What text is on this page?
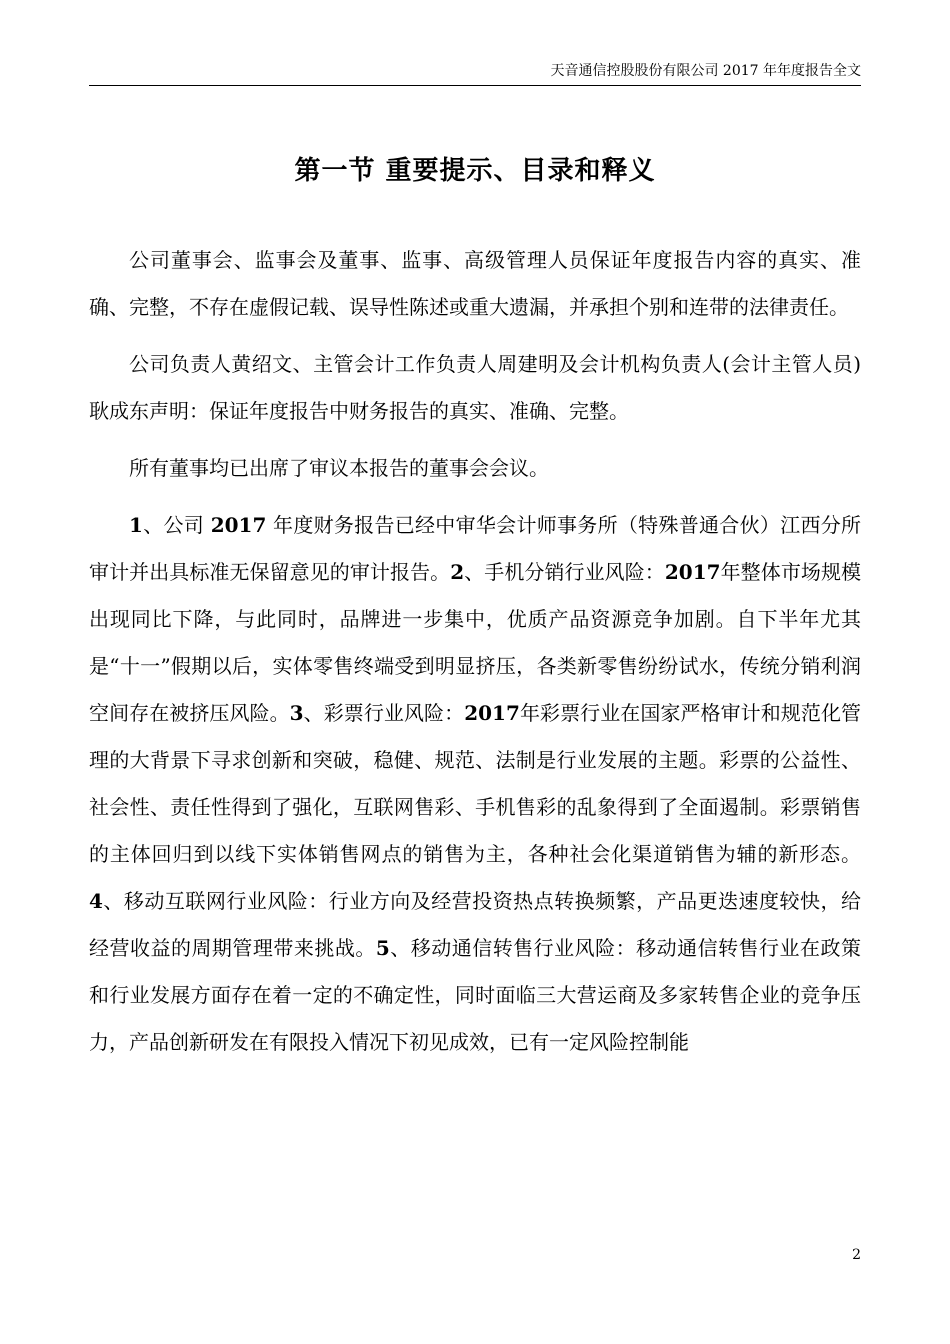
天音通信控股股份有限公司 2017 年年度报告全文
第一节 重要提示、目录和释义

公司董事会、监事会及董事、监事、高级管理人员保证年度报告内容的真实、准确、完整，不存在虚假记载、误导性陈述或重大遗漏，并承担个别和连带的法律责任。

公司负责人黄绍文、主管会计工作负责人周建明及会计机构负责人(会计主管人员)耿成东声明：保证年度报告中财务报告的真实、准确、完整。

所有董事均已出席了审议本报告的董事会会议。

1、公司 2017 年度财务报告已经中审华会计师事务所（特殊普通合伙）江西分所审计并出具标准无保留意见的审计报告。2、手机分销行业风险：2017年整体市场规模出现同比下降，与此同时，品牌进一步集中，优质产品资源竞争加剧。自下半年尤其是“十一”假期以后，实体零售终端受到明显挤压，各类新零售纷纷试水，传统分销利润空间存在被挤压风险。3、彩票行业风险：2017年彩票行业在国家严格审计和规范化管理的大背景下寻求创新和突破，稳健、规范、法制是行业发展的主题。彩票的公益性、社会性、责任性得到了强化，互联网售彩、手机售彩的乱象得到了全面遏制。彩票销售的主体回归到以线下实体销售网点的销售为主，各种社会化渠道销售为辅的新形态。4、移动互联网行业风险：行业方向及经营投资热点转换频繁，产品更迭速度较快，给经营收益的周期管理带来挑战。5、移动通信转售行业风险：移动通信转售行业在政策和行业发展方面存在着一定的不确定性，同时面临三大营运商及多家转售企业的竞争压力，产品创新研发在有限投入情况下初见成效，已有一定风险控制能

2
